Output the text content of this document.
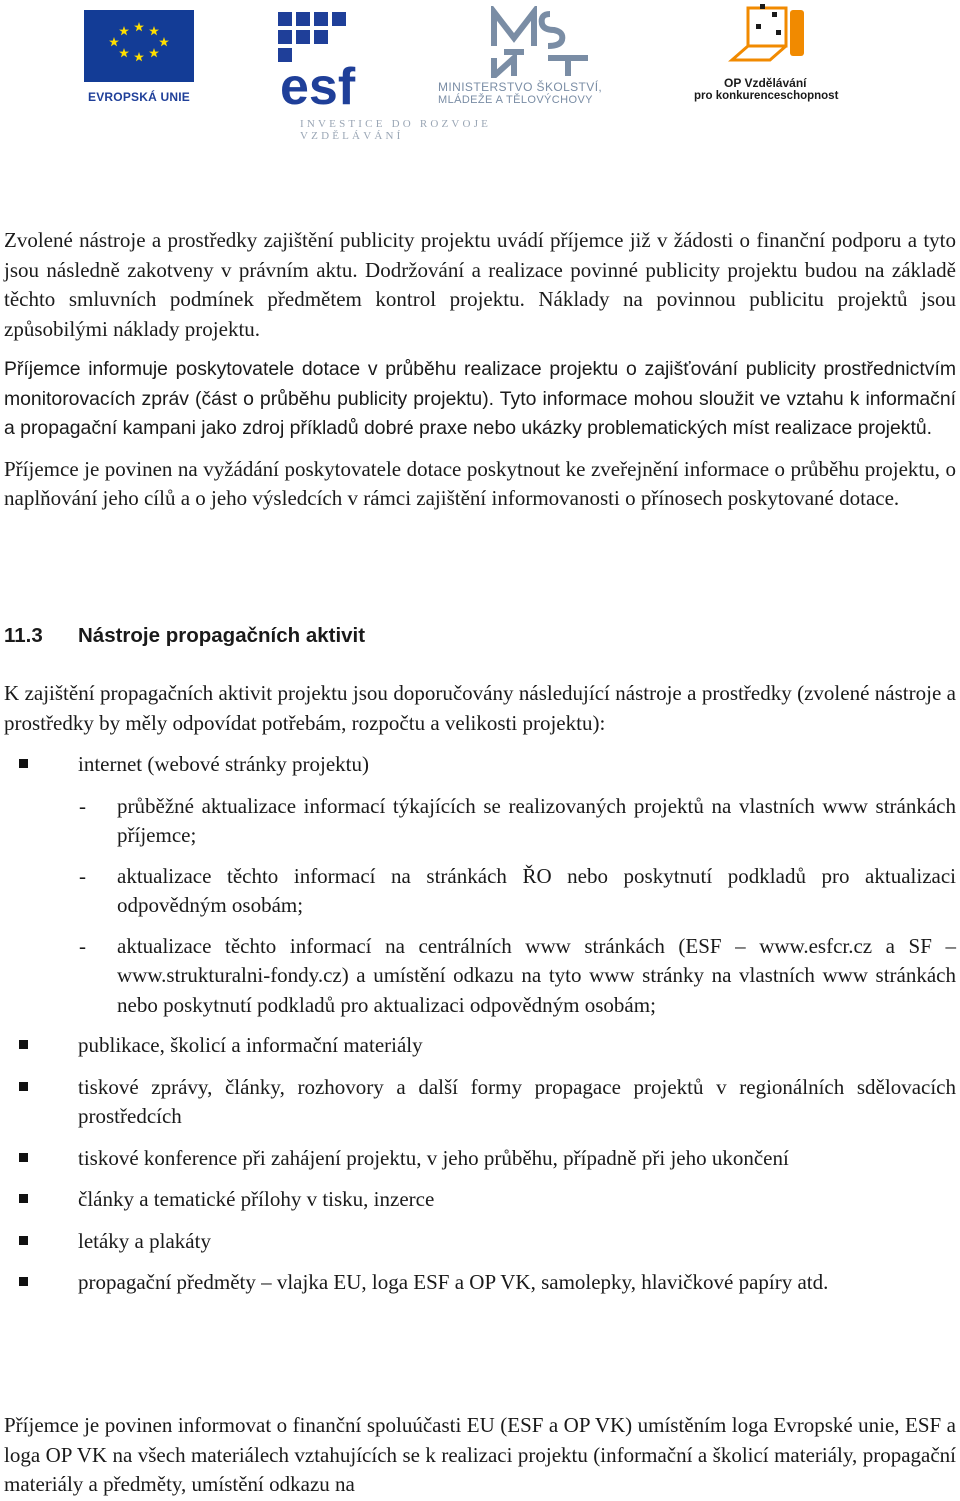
EVROPSKÁ UNIE esf	MINISTERSTVO ŠKOLSTVÍ,
MLÁDEŽE A TĚLOVÝCHOVY
INVESTICE DO ROZVOJE VZDĚLÁVÁNÍ
OP Vzdělávání
pro konkurenceschopnost

Zvolené nástroje a prostředky zajištění publicity projektu uvádí příjemce již v žádosti o finanční podporu a tyto jsou následně zakotveny v právním aktu. Dodržování a realizace povinné publicity projektu budou na základě těchto smluvních podmínek předmětem kontrol projektu. Náklady na povinnou publicitu projektů jsou způsobilými náklady projektu.

Příjemce informuje poskytovatele dotace v průběhu realizace projektu o zajišťování publicity prostřednictvím monitorovacích zpráv (část o průběhu publicity projektu). Tyto informace mohou sloužit ve vztahu k informační a propagační kampani jako zdroj příkladů dobré praxe nebo ukázky problematických míst realizace projektů.

Příjemce je povinen na vyžádání poskytovatele dotace poskytnout ke zveřejnění informace o průběhu projektu, o naplňování jeho cílů a o jeho výsledcích v rámci zajištění informovanosti o přínosech poskytované dotace.

11.3 Nástroje propagačních aktivit

K zajištění propagačních aktivit projektu jsou doporučovány následující nástroje a prostředky (zvolené nástroje a prostředky by měly odpovídat potřebám, rozpočtu a velikosti projektu):

internet (webové stránky projektu)

- průběžné aktualizace informací týkajících se realizovaných projektů na vlastních www stránkách příjemce;

- aktualizace těchto informací na stránkách ŘO nebo poskytnutí podkladů pro aktualizaci odpovědným osobám;

- aktualizace těchto informací na centrálních www stránkách (ESF – www.esfcr.cz a SF – www.strukturalni-fondy.cz) a umístění odkazu na tyto www stránky na vlastních www stránkách nebo poskytnutí podkladů pro aktualizaci odpovědným osobám;

publikace, školicí a informační materiály

tiskové zprávy, články, rozhovory a další formy propagace projektů v regionálních sdělovacích prostředcích

tiskové konference při zahájení projektu, v jeho průběhu, případně při jeho ukončení

články a tematické přílohy v tisku, inzerce

letáky a plakáty

propagační předměty – vlajka EU, loga ESF a OP VK, samolepky, hlavičkové papíry atd.

Příjemce je povinen informovat o finanční spoluúčasti EU (ESF a OP VK) umístěním loga Evropské unie, ESF a loga OP VK na všech materiálech vztahujících se k realizaci projektu (informační a školicí materiály, propagační materiály a předměty, umístění odkazu na
